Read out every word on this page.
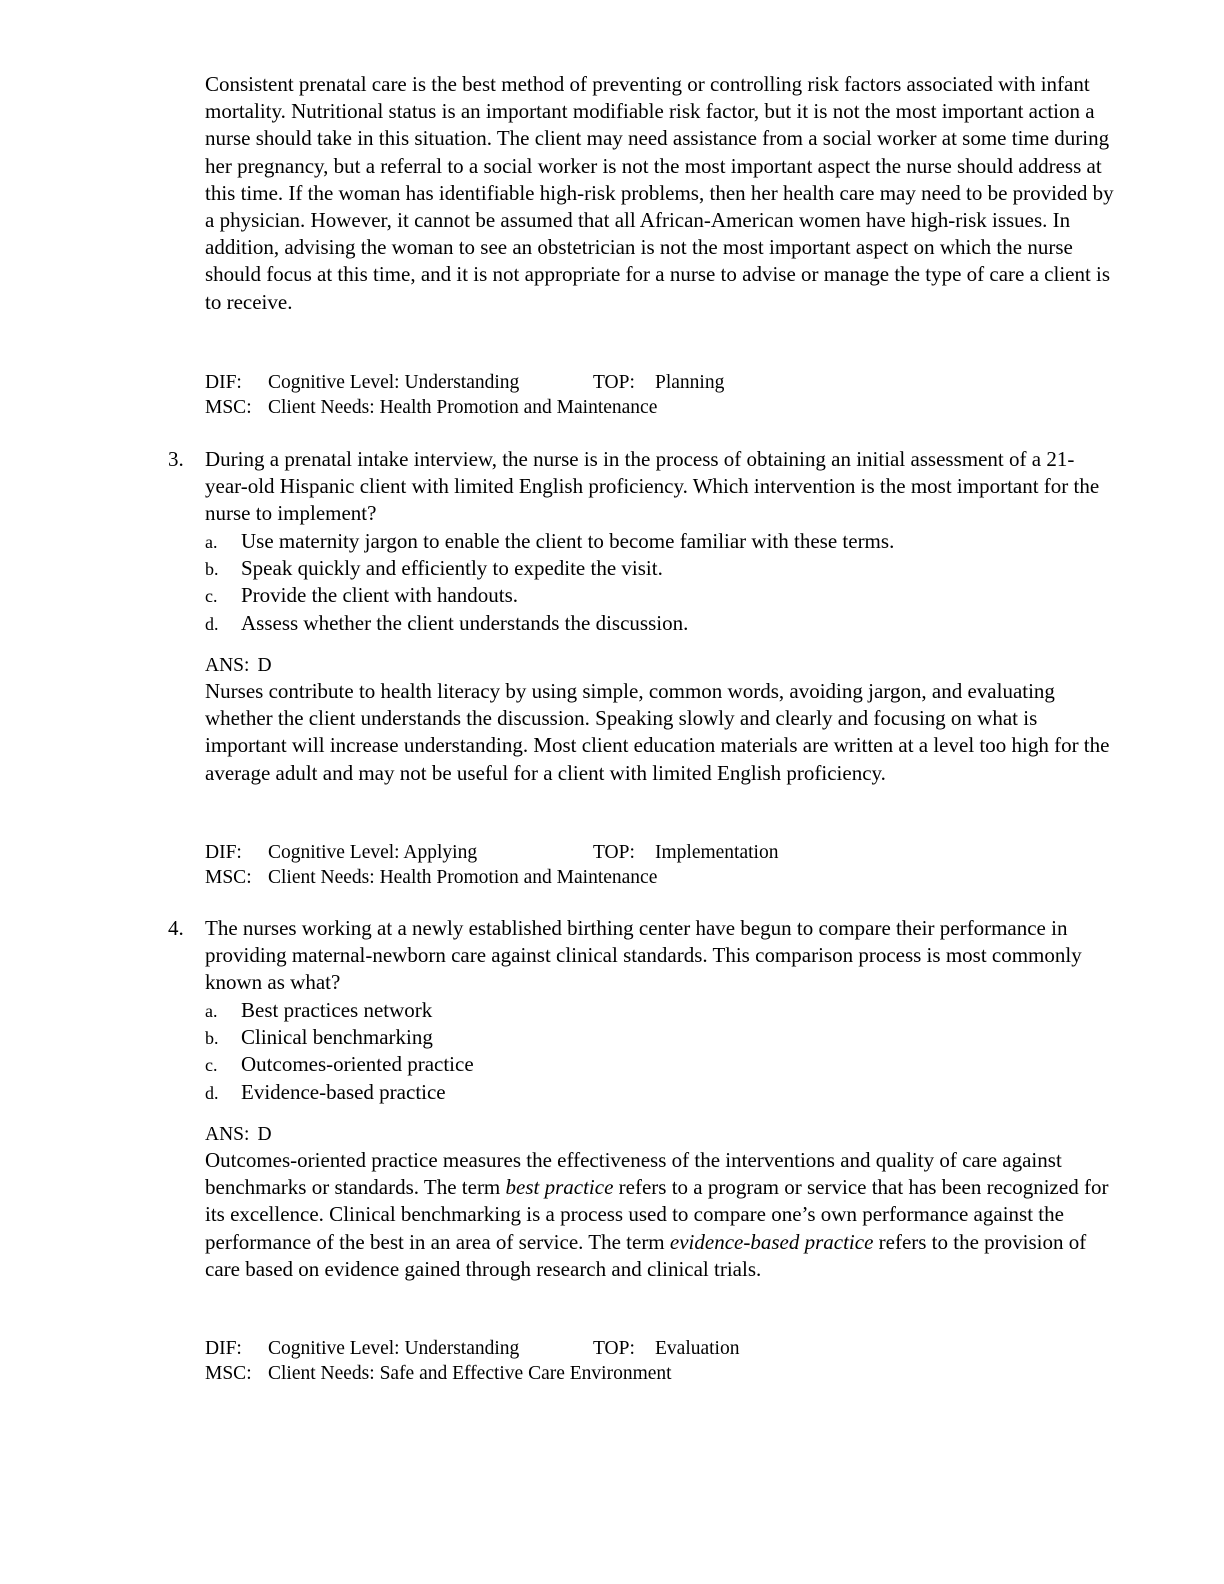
Consistent prenatal care is the best method of preventing or controlling risk factors associated with infant mortality. Nutritional status is an important modifiable risk factor, but it is not the most important action a nurse should take in this situation. The client may need assistance from a social worker at some time during her pregnancy, but a referral to a social worker is not the most important aspect the nurse should address at this time. If the woman has identifiable high-risk problems, then her health care may need to be provided by a physician. However, it cannot be assumed that all African-American women have high-risk issues. In addition, advising the woman to see an obstetrician is not the most important aspect on which the nurse should focus at this time, and it is not appropriate for a nurse to advise or manage the type of care a client is to receive.

DIF: Cognitive Level: Understanding	TOP: Planning
MSC: Client Needs: Health Promotion and Maintenance
3. During a prenatal intake interview, the nurse is in the process of obtaining an initial assessment of a 21-year-old Hispanic client with limited English proficiency. Which intervention is the most important for the nurse to implement?

a. Use maternity jargon to enable the client to become familiar with these terms.
b. Speak quickly and efficiently to expedite the visit.
c. Provide the client with handouts.
d. Assess whether the client understands the discussion.
ANS: D

Nurses contribute to health literacy by using simple, common words, avoiding jargon, and evaluating whether the client understands the discussion. Speaking slowly and clearly and focusing on what is important will increase understanding. Most client education materials are written at a level too high for the average adult and may not be useful for a client with limited English proficiency.

DIF: Cognitive Level: Applying	TOP: Implementation
MSC: Client Needs: Health Promotion and Maintenance
4. The nurses working at a newly established birthing center have begun to compare their performance in providing maternal-newborn care against clinical standards. This comparison process is most commonly known as what?

a. Best practices network
b. Clinical benchmarking
c. Outcomes-oriented practice
d. Evidence-based practice
ANS: D

Outcomes-oriented practice measures the effectiveness of the interventions and quality of care against benchmarks or standards. The term best practice refers to a program or service that has been recognized for its excellence. Clinical benchmarking is a process used to compare one’s own performance against the performance of the best in an area of service. The term evidence-based practice refers to the provision of care based on evidence gained through research and clinical trials.

DIF: Cognitive Level: Understanding	TOP: Evaluation
MSC: Client Needs: Safe and Effective Care Environment
